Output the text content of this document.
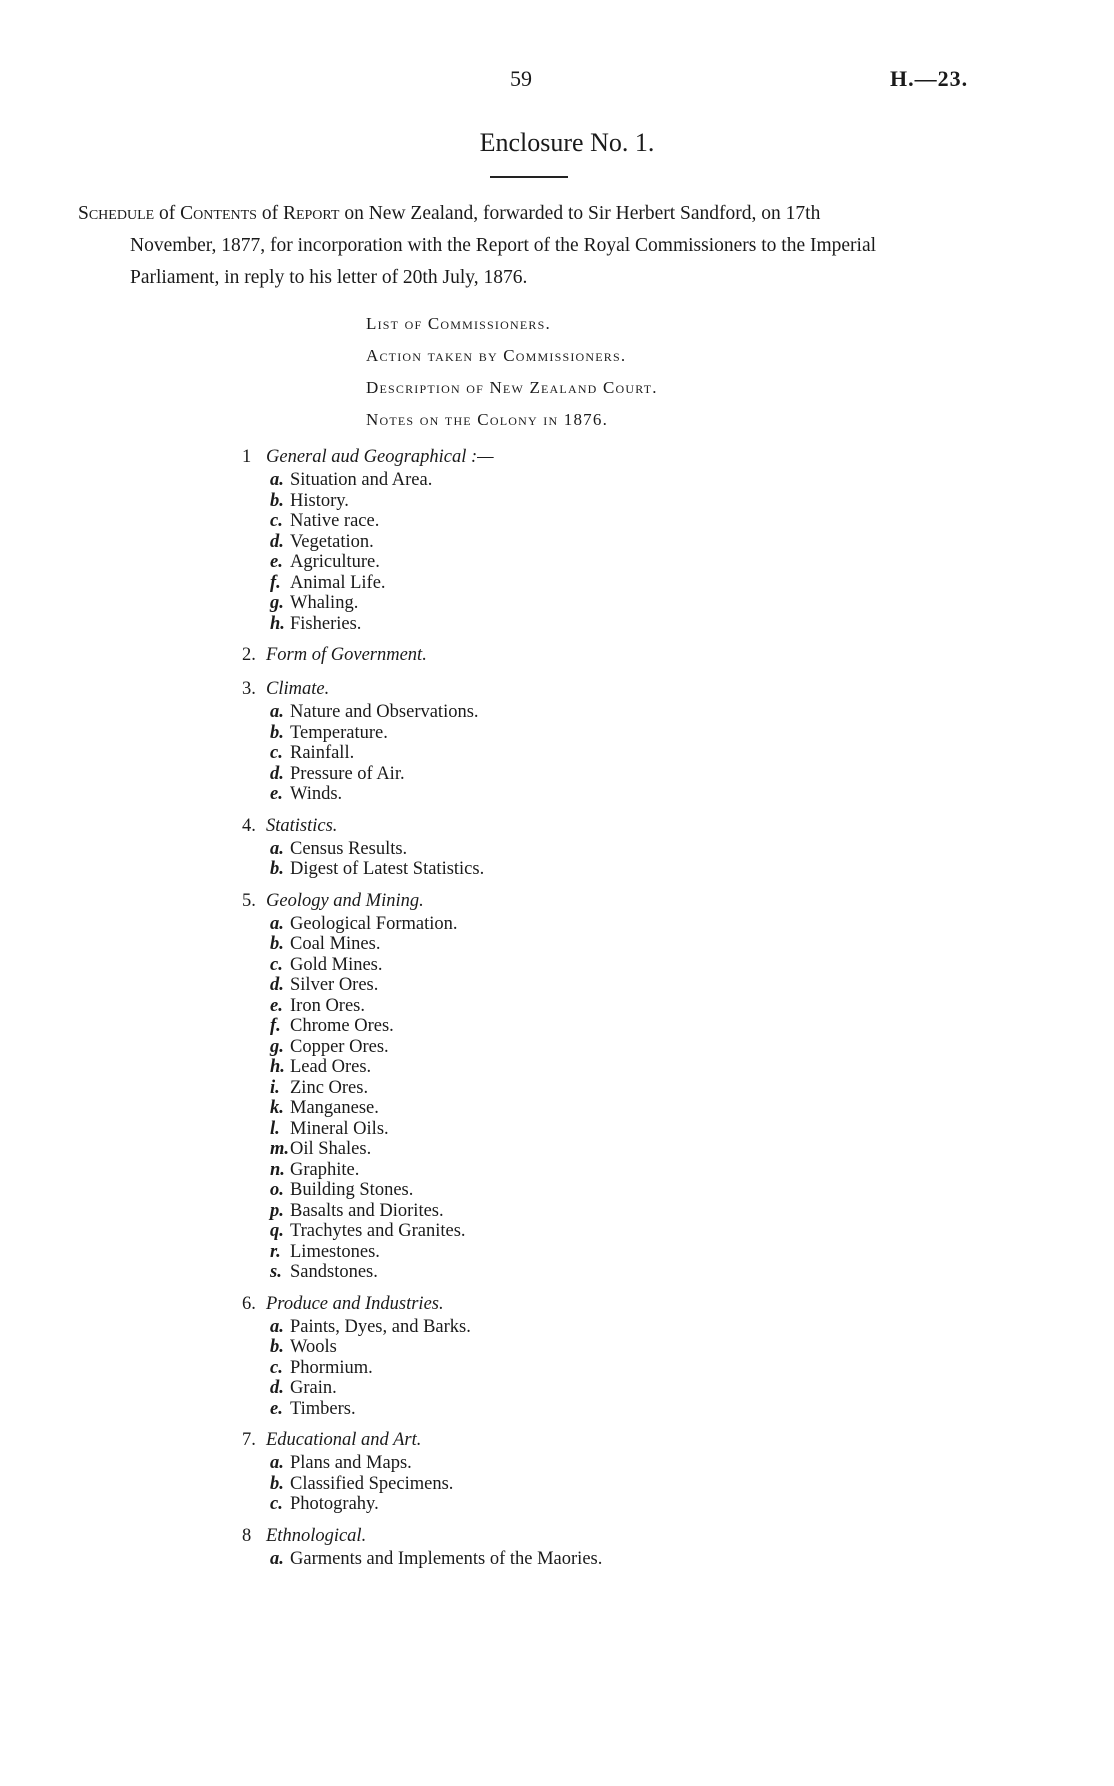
59	H.—23.
Enclosure No. 1.
Schedule of Contents of Report on New Zealand, forwarded to Sir Herbert Sandford, on 17th
November, 1877, for incorporation with the Report of the Royal Commissioners to the Imperial
Parliament, in reply to his letter of 20th July, 1876.
List of Commissioners.
Action taken by Commissioners.
Description of New Zealand Court.
Notes on the Colony in 1876.
1 General aud Geographical :—
a. Situation and Area.
b. History.
c. Native race.
d. Vegetation.
e. Agriculture.
f. Animal Life.
g. Whaling.
h. Fisheries.
2. Form of Government.
3. Climate.
a. Nature and Observations.
b. Temperature.
c. Rainfall.
d. Pressure of Air.
e. Winds.
4. Statistics.
a. Census Results.
b. Digest of Latest Statistics.
5. Geology and Mining.
a. Geological Formation.
b. Coal Mines.
c. Gold Mines.
d. Silver Ores.
e. Iron Ores.
f. Chrome Ores.
g. Copper Ores.
h. Lead Ores.
i. Zinc Ores.
k. Manganese.
l. Mineral Oils.
m.Oil Shales.
n. Graphite.
o. Building Stones.
p. Basalts and Diorites.
q. Trachytes and Granites.
r. Limestones.
s. Sandstones.
6. Produce and Industries.
a. Paints, Dyes, and Barks.
b. Wools
c. Phormium.
d. Grain.
e. Timbers.
7. Educational and Art.
a. Plans and Maps.
b. Classified Specimens.
c. Photograhy.
8 Ethnological.
a. Garments and Implements of the Maories.
